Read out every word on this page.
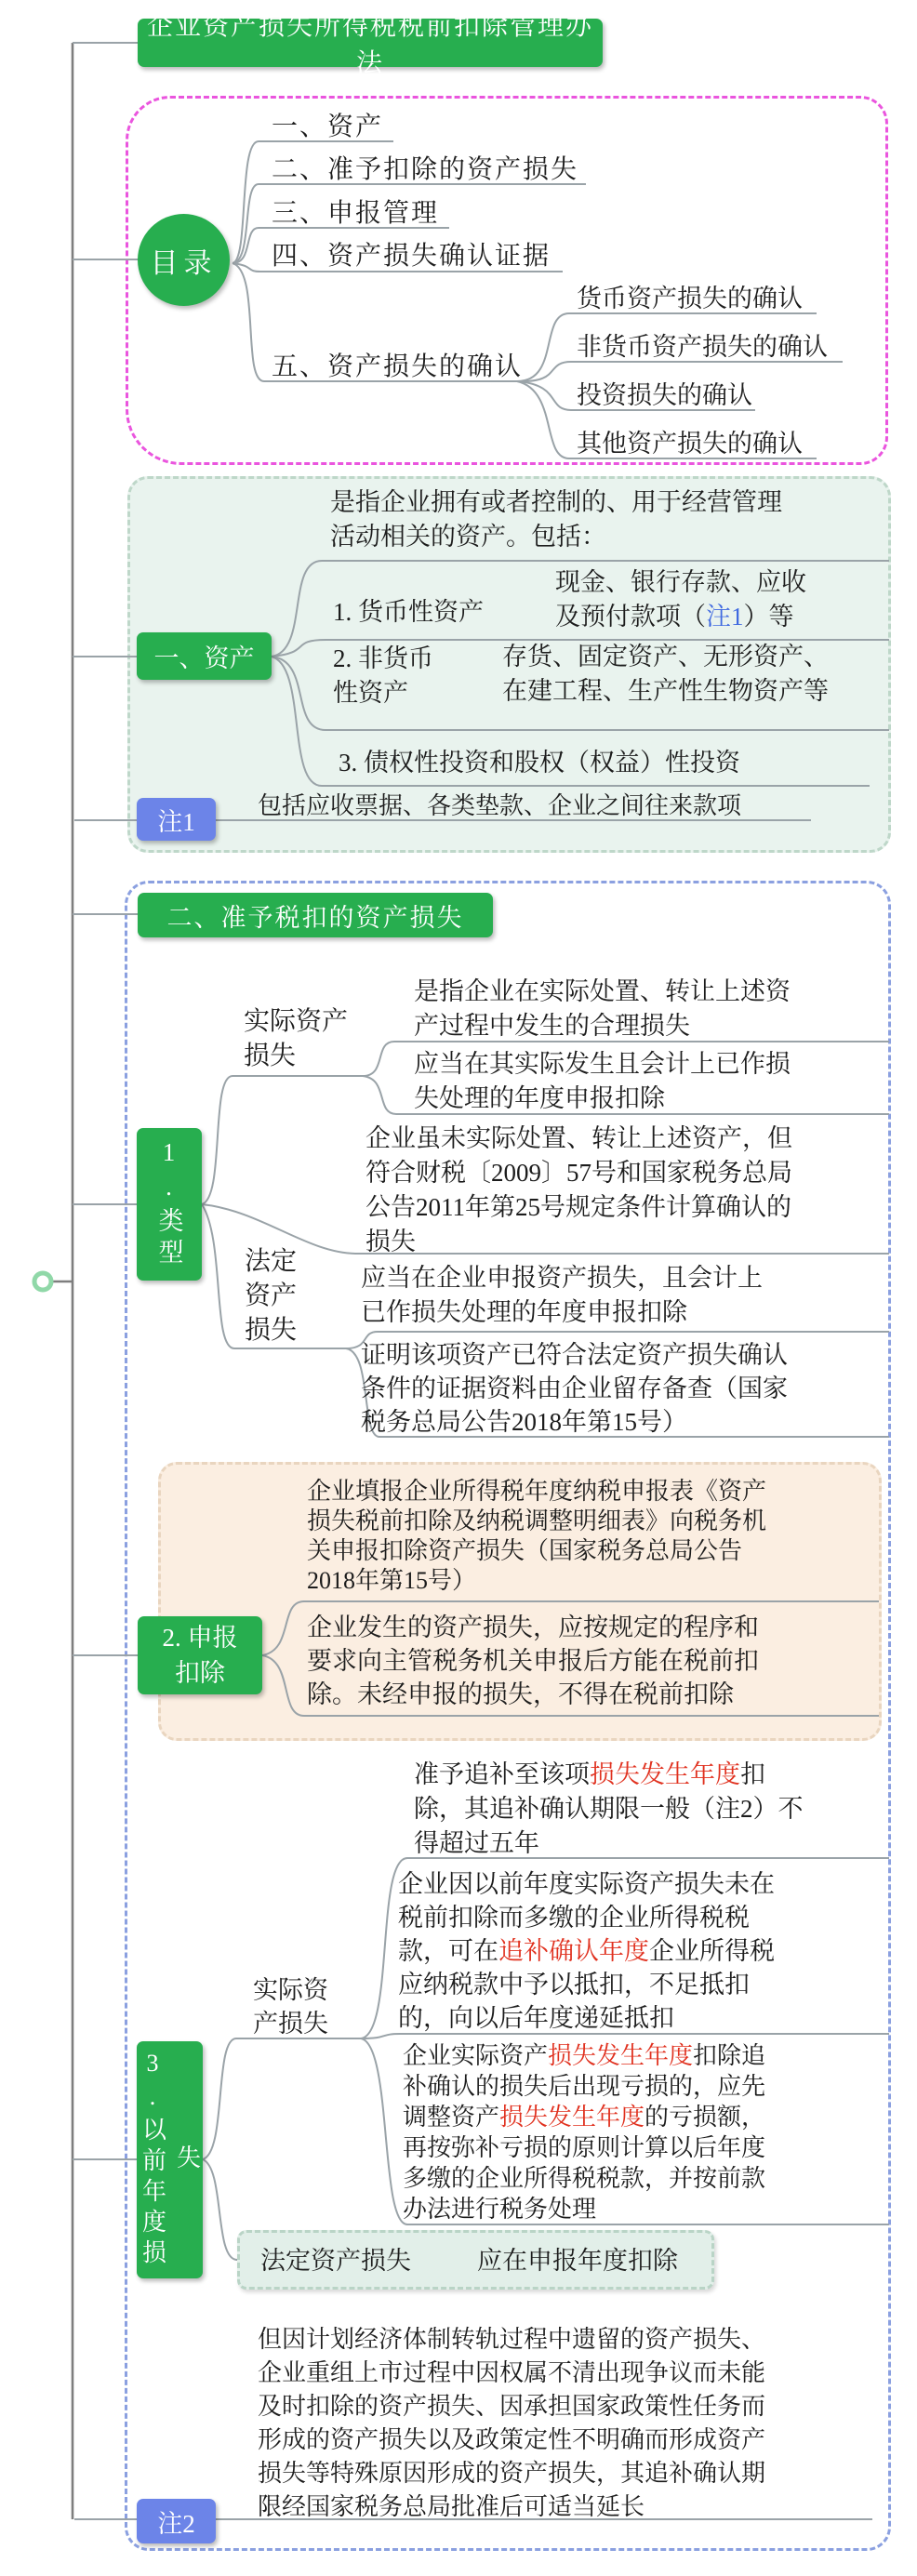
企业资产损失所得税税前扣除管理办法
目录
一、资产
二、准予扣除的资产损失
三、申报管理
四、资产损失确认证据
五、资产损失的确认
货币资产损失的确认
非货币资产损失的确认
投资损失的确认
其他资产损失的确认
一、资产
是指企业拥有或者控制的、用于经营管理
活动相关的资产。包括：
1. 货币性资产
现金、银行存款、应收
及预付款项（注1）等
2. 非货币
性资产
存货、固定资产、无形资产、
在建工程、生产性生物资产等
3. 债权性投资和股权（权益）性投资
注1
包括应收票据、各类垫款、企业之间往来款项
二、准予税扣的资产损失
1.类型
实际资产
损失
是指企业在实际处置、转让上述资
产过程中发生的合理损失
应当在其实际发生且会计上已作损
失处理的年度申报扣除
企业虽未实际处置、转让上述资产，但
符合财税〔2009〕57号和国家税务总局
公告2011年第25号规定条件计算确认的
损失
法定
资产
损失
应当在企业申报资产损失，且会计上
已作损失处理的年度申报扣除
证明该项资产已符合法定资产损失确认
条件的证据资料由企业留存备查（国家
税务总局公告2018年第15号）
2. 申报
扣除
企业填报企业所得税年度纳税申报表《资产
损失税前扣除及纳税调整明细表》向税务机
关申报扣除资产损失（国家税务总局公告
2018年第15号）
企业发生的资产损失，应按规定的程序和
要求向主管税务机关申报后方能在税前扣
除。未经申报的损失，不得在税前扣除
3.以前年度损失
准予追补至该项损失发生年度扣
除，其追补确认期限一般（注2）不
得超过五年
企业因以前年度实际资产损失未在
税前扣除而多缴的企业所得税税
款，可在追补确认年度企业所得税
应纳税款中予以抵扣，不足抵扣
的，向以后年度递延抵扣
实际资
产损失
企业实际资产损失发生年度扣除追
补确认的损失后出现亏损的，应先
调整资产损失发生年度的亏损额，
再按弥补亏损的原则计算以后年度
多缴的企业所得税税款，并按前款
办法进行税务处理
法定资产损失	应在申报年度扣除
注2
但因计划经济体制转轨过程中遗留的资产损失、
企业重组上市过程中因权属不清出现争议而未能
及时扣除的资产损失、因承担国家政策性任务而
形成的资产损失以及政策定性不明确而形成资产
损失等特殊原因形成的资产损失，其追补确认期
限经国家税务总局批准后可适当延长
